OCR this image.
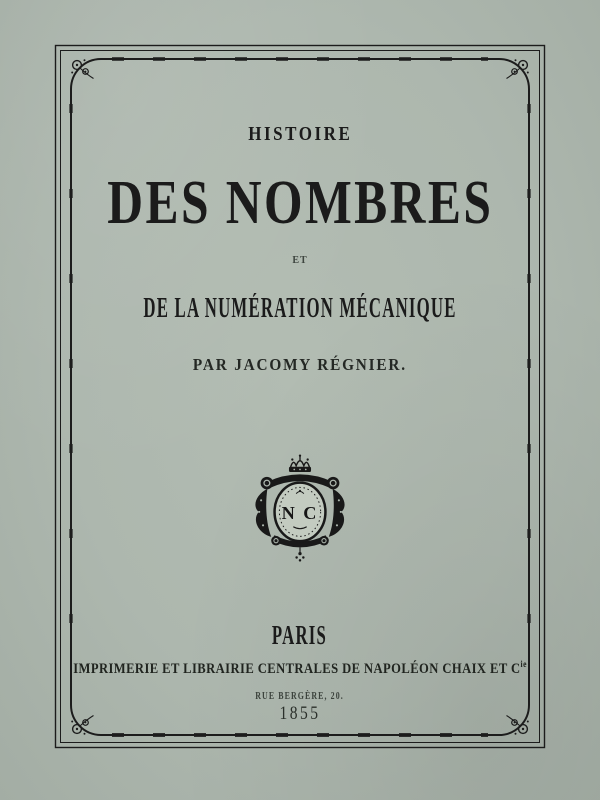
HISTOIRE
DES NOMBRES
ET
DE LA NUMÉRATION MÉCANIQUE
PAR JACOMY RÉGNIER.
N C
PARIS
IMPRIMERIE ET LIBRAIRIE CENTRALES DE NAPOLÉON CHAIX ET $C^{ie}$
RUE BERGÈRE, 20.
1855
